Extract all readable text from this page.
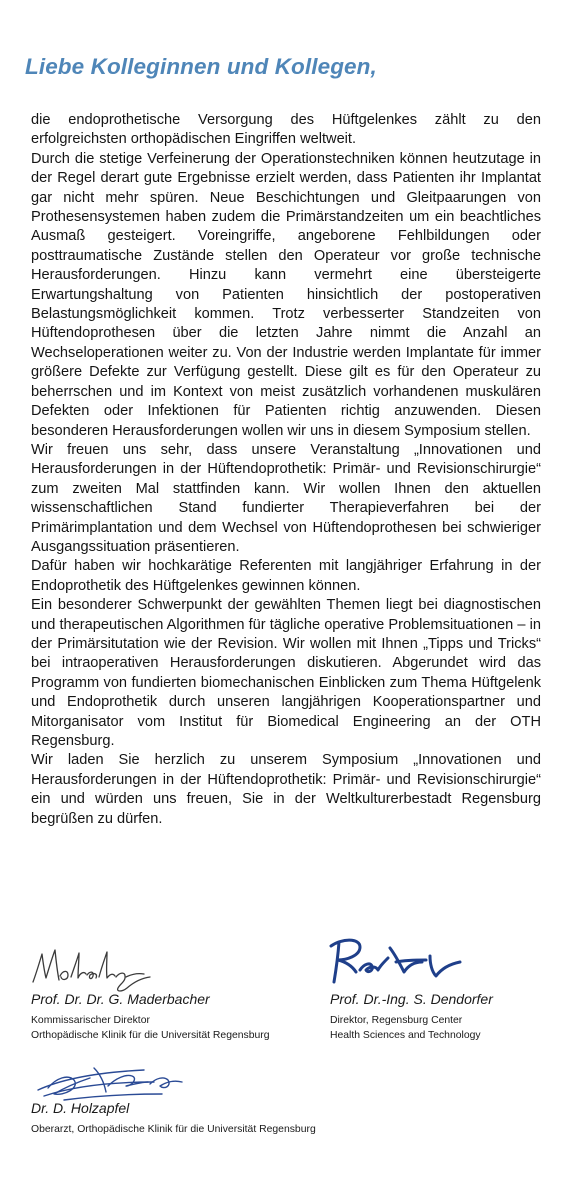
Liebe Kolleginnen und Kollegen,

die endoprothetische Versorgung des Hüftgelenkes zählt zu den erfolgreichsten orthopädischen Eingriffen weltweit.

Durch die stetige Verfeinerung der Operationstechniken können heutzutage in der Regel derart gute Ergebnisse erzielt werden, dass Patienten ihr Implantat gar nicht mehr spüren. Neue Beschichtungen und Gleitpaarungen von Prothesensystemen haben zudem die Primärstandzeiten um ein beachtliches Ausmaß gesteigert. Voreingriffe, angeborene Fehlbildungen oder posttraumatische Zustände stellen den Operateur vor große technische Herausforderungen. Hinzu kann vermehrt eine übersteigerte Erwartungshaltung von Patienten hinsichtlich der postoperativen Belastungsmöglichkeit kommen. Trotz verbesserter Standzeiten von Hüftendoprothesen über die letzten Jahre nimmt die Anzahl an Wechseloperationen weiter zu. Von der Industrie werden Implantate für immer größere Defekte zur Verfügung gestellt. Diese gilt es für den Operateur zu beherrschen und im Kontext von meist zusätzlich vorhandenen muskulären Defekten oder Infektionen für Patienten richtig anzuwenden. Diesen besonderen Herausforderungen wollen wir uns in diesem Symposium stellen.

Wir freuen uns sehr, dass unsere Veranstaltung „Innovationen und Herausforderungen in der Hüftendoprothetik: Primär- und Revisionschirurgie“ zum zweiten Mal stattfinden kann. Wir wollen Ihnen den aktuellen wissenschaftlichen Stand fundierter Therapieverfahren bei der Primärimplantation und dem Wechsel von Hüftendoprothesen bei schwieriger Ausgangssituation präsentieren.

Dafür haben wir hochkarätige Referenten mit langjähriger Erfahrung in der Endoprothetik des Hüftgelenkes gewinnen können.

Ein besonderer Schwerpunkt der gewählten Themen liegt bei diagnostischen und therapeutischen Algorithmen für tägliche operative Problemsituationen – in der Primärsitutation wie der Revision. Wir wollen mit Ihnen „Tipps und Tricks“ bei intraoperativen Herausforderungen diskutieren. Abgerundet wird das Programm von fundierten biomechanischen Einblicken zum Thema Hüftgelenk und Endoprothetik durch unseren langjährigen Kooperationspartner und Mitorganisator vom Institut für Biomedical Engineering an der OTH Regensburg.

Wir laden Sie herzlich zu unserem Symposium „Innovationen und Herausforderungen in der Hüftendoprothetik: Primär- und Revisionschirurgie“ ein und würden uns freuen, Sie in der Weltkulturerbestadt Regensburg begrüßen zu dürfen.

Prof. Dr. Dr. G. Maderbacher
Kommissarischer Direktor
Orthopädische Klinik für die Universität Regensburg
Prof. Dr.-Ing. S. Dendorfer
Direktor, Regensburg Center
Health Sciences and Technology
Dr. D. Holzapfel
Oberarzt, Orthopädische Klinik für die Universität Regensburg
